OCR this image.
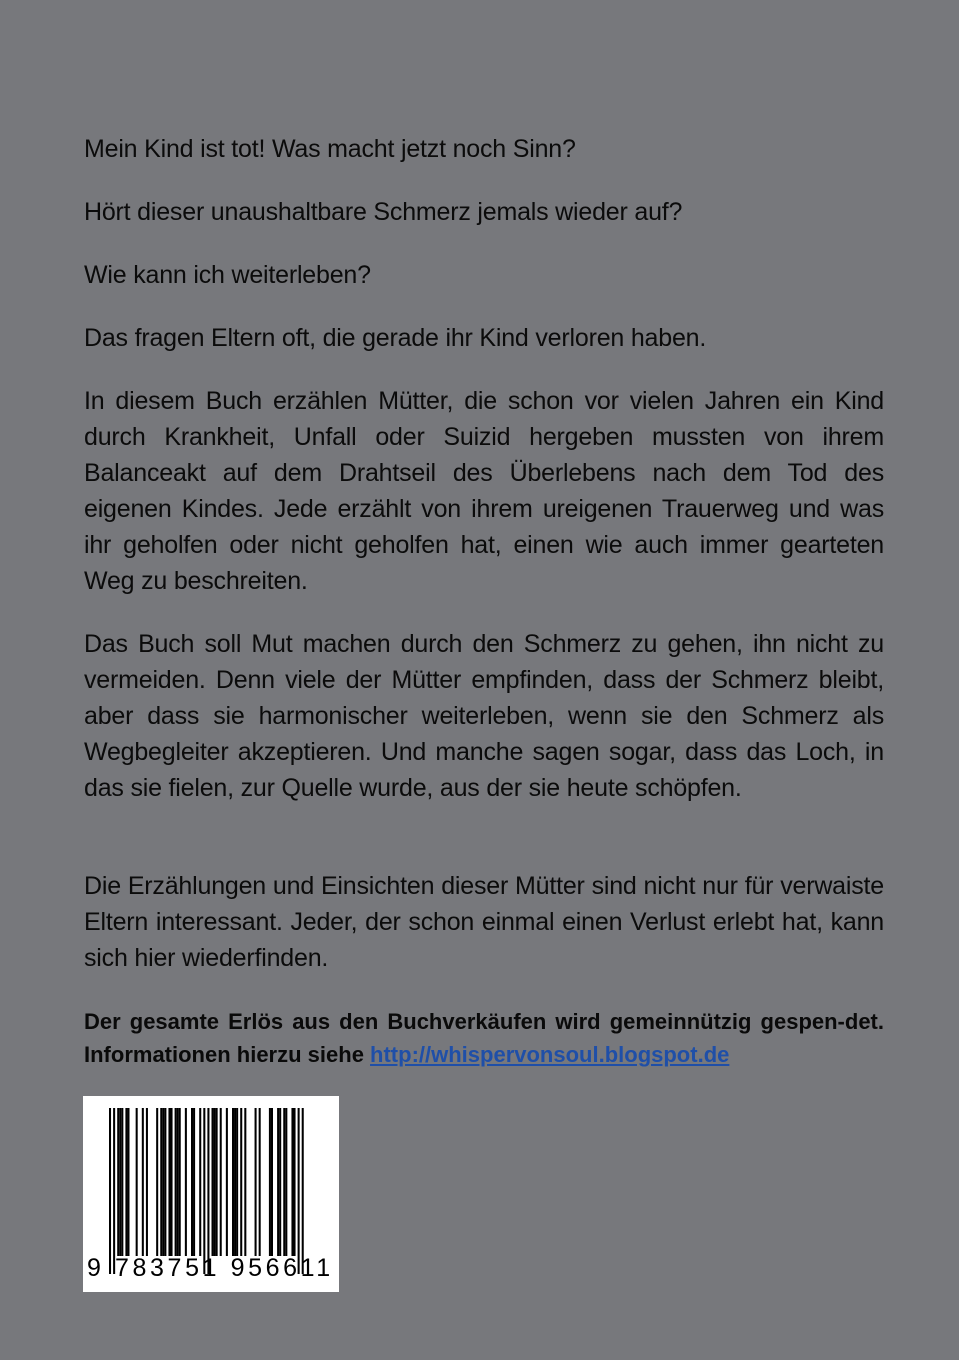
Mein Kind ist tot! Was macht jetzt noch Sinn?
Hört dieser unaushaltbare Schmerz jemals wieder auf?
Wie kann ich weiterleben?
Das fragen Eltern oft, die gerade ihr Kind verloren haben.
In diesem Buch erzählen Mütter, die schon vor vielen Jahren ein Kind durch Krankheit, Unfall oder Suizid hergeben mussten von ihrem Balanceakt auf dem Drahtseil des Überlebens nach dem Tod des eigenen Kindes. Jede erzählt von ihrem ureigenen Trauerweg und was ihr geholfen oder nicht geholfen hat, einen wie auch immer gearteten Weg zu beschreiten.
Das Buch soll Mut machen durch den Schmerz zu gehen, ihn nicht zu vermeiden. Denn viele der Mütter empfinden, dass der Schmerz bleibt, aber dass sie harmonischer weiterleben, wenn sie den Schmerz als Wegbegleiter akzeptieren. Und manche sagen sogar, dass das Loch, in das sie fielen, zur Quelle wurde, aus der sie heute schöpfen.
Die Erzählungen und Einsichten dieser Mütter sind nicht nur für verwaiste Eltern interessant. Jeder, der schon einmal einen Verlust erlebt hat, kann sich hier wiederfinden.
Der gesamte Erlös aus den Buchverkäufen wird gemeinnützig gespen-det. Informationen hierzu siehe http://whispervonsoul.blogspot.de
9 783751 956611
